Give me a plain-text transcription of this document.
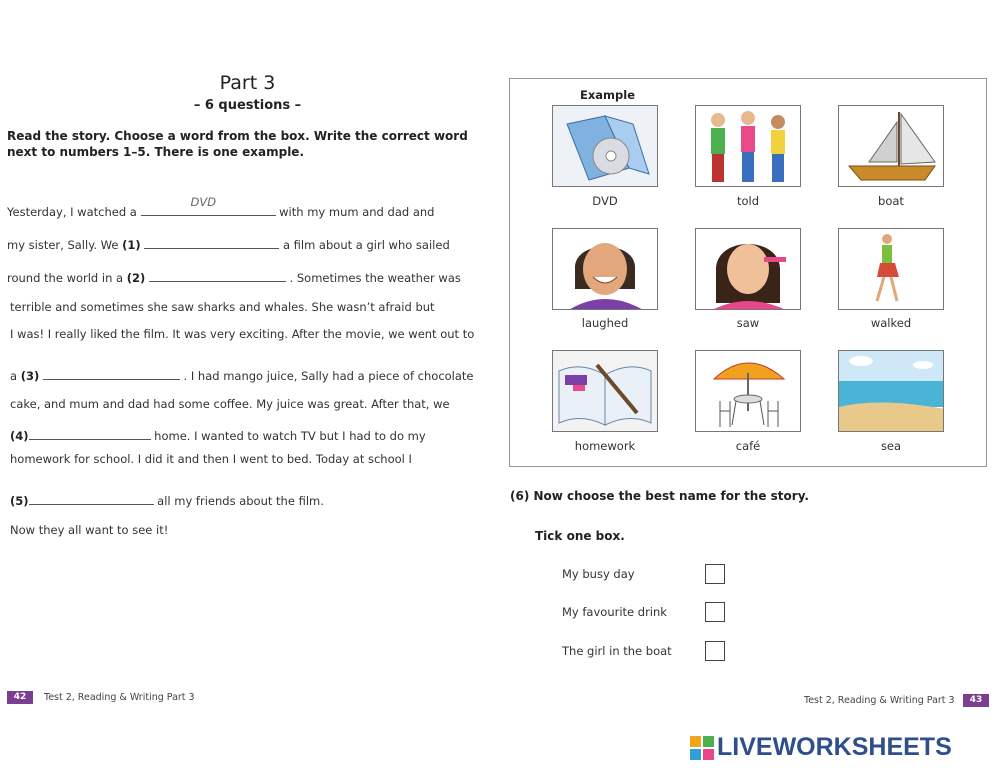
Part 3
– 6 questions –
Read the story. Choose a word from the box. Write the correct word next to numbers 1–5. There is one example.
Yesterday, I watched a
DVD
with my mum and dad and
my sister, Sally. We (1)	a film about a girl who sailed
round the world in a (2)	. Sometimes the weather was
terrible and sometimes she saw sharks and whales. She wasn’t afraid but
I was! I really liked the film. It was very exciting. After the movie, we went out to
a (3)	. I had mango juice, Sally had a piece of chocolate
cake, and mum and dad had some coffee. My juice was great. After that, we
(4)	home. I wanted to watch TV but I had to do my
homework for school. I did it and then I went to bed. Today at school I
(5)	all my friends about the film.
Now they all want to see it!
Example
DVD	told	boat
laughed	saw	walked
homework	café	sea
(6) Now choose the best name for the story.
Tick one box.
My busy day
My favourite drink
The girl in the boat
42	Test 2, Reading & Writing Part 3	Test 2, Reading & Writing Part 3	43
LIVEWORKSHEETS
